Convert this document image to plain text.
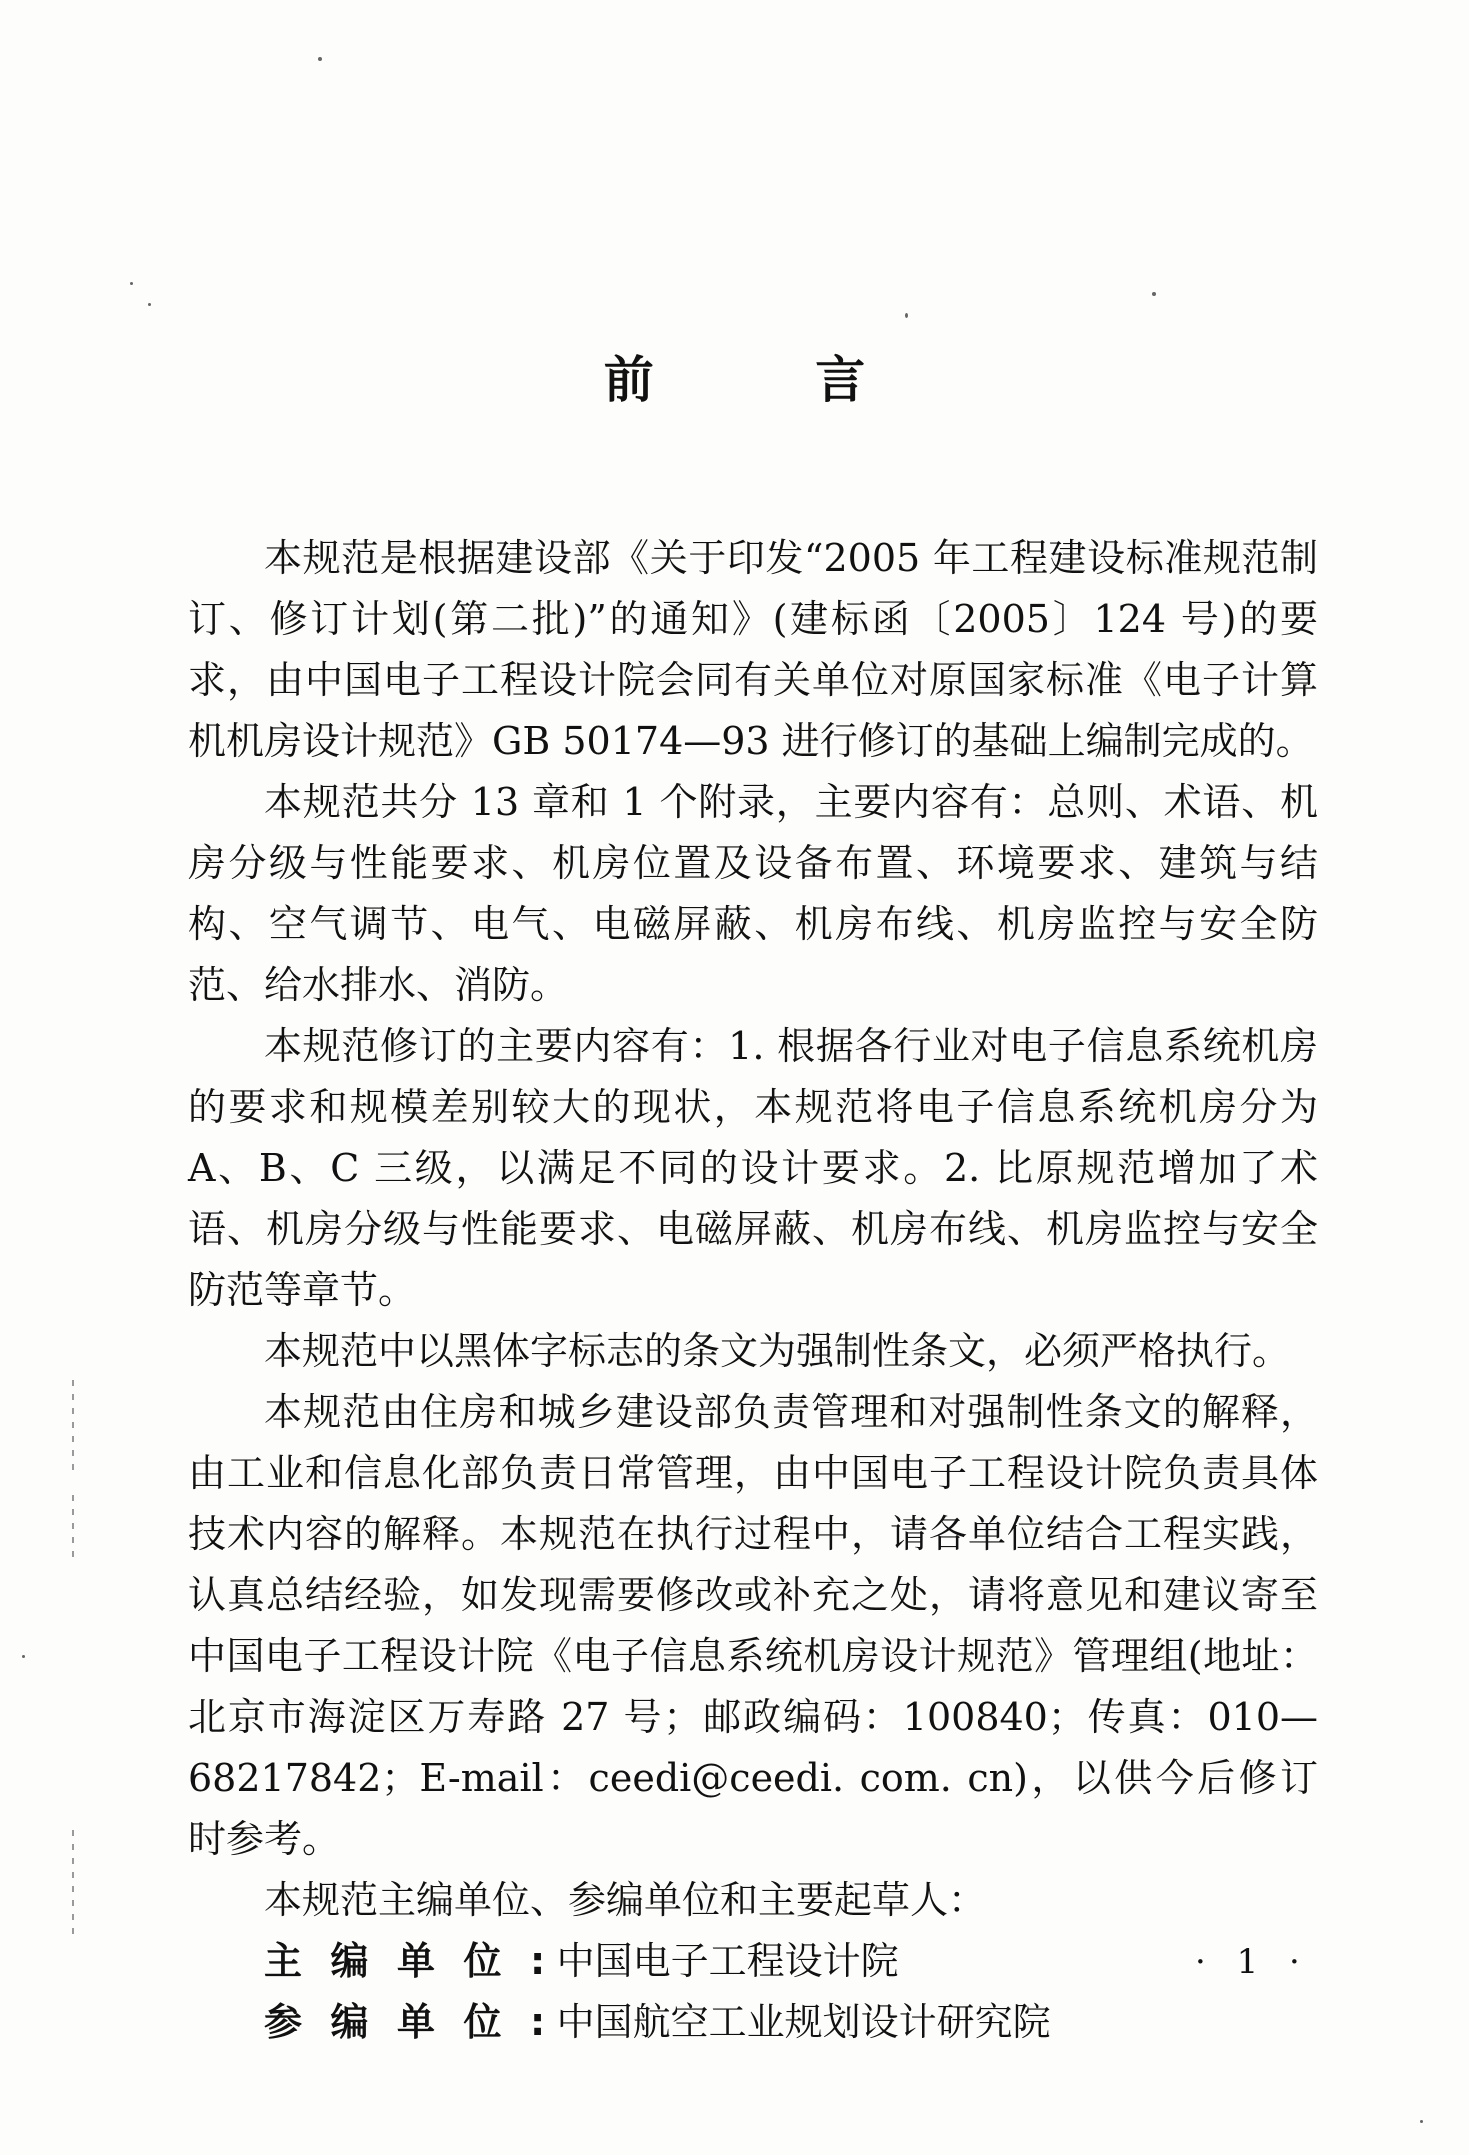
前 言

本规范是根据建设部《关于印发“2005 年工程建设标准规范制订、修订计划(第二批)”的通知》(建标函〔2005〕124 号)的要求，由中国电子工程设计院会同有关单位对原国家标准《电子计算机机房设计规范》GB 50174—93 进行修订的基础上编制完成的。

本规范共分 13 章和 1 个附录，主要内容有：总则、术语、机房分级与性能要求、机房位置及设备布置、环境要求、建筑与结构、空气调节、电气、电磁屏蔽、机房布线、机房监控与安全防范、给水排水、消防。

本规范修订的主要内容有：1. 根据各行业对电子信息系统机房的要求和规模差别较大的现状，本规范将电子信息系统机房分为 A、B、C 三级，以满足不同的设计要求。2. 比原规范增加了术语、机房分级与性能要求、电磁屏蔽、机房布线、机房监控与安全防范等章节。

本规范中以黑体字标志的条文为强制性条文，必须严格执行。

本规范由住房和城乡建设部负责管理和对强制性条文的解释，由工业和信息化部负责日常管理，由中国电子工程设计院负责具体技术内容的解释。本规范在执行过程中，请各单位结合工程实践，认真总结经验，如发现需要修改或补充之处，请将意见和建议寄至中国电子工程设计院《电子信息系统机房设计规范》管理组(地址：北京市海淀区万寿路 27 号；邮政编码：100840；传真：010—68217842；E-mail：ceedi@ceedi. com. cn)，以供今后修订时参考。

本规范主编单位、参编单位和主要起草人：

主编单位: 中国电子工程设计院

参编单位: 中国航空工业规划设计研究院

· 1 ·
